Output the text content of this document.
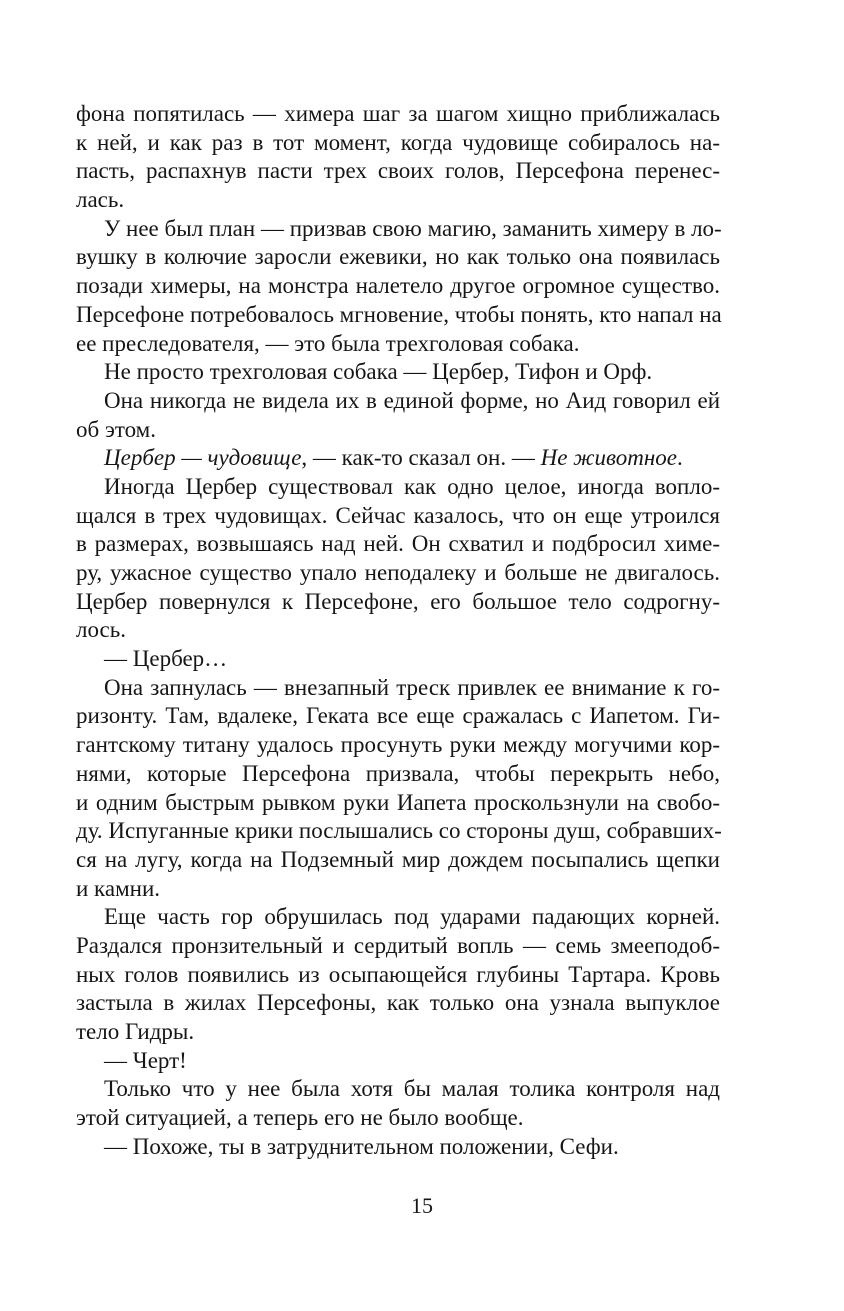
фона попятилась — химера шаг за шагом хищно приближалась
к ней, и как раз в тот момент, когда чудовище собиралось на-
пасть, распахнув пасти трех своих голов, Персефона перенес-
лась.
У нее был план — призвав свою магию, заманить химеру в ло-
вушку в колючие заросли ежевики, но как только она появилась
позади химеры, на монстра налетело другое огромное существо.
Персефоне потребовалось мгновение, чтобы понять, кто напал на
ее преследователя, — это была трехголовая собака.
Не просто трехголовая собака — Цербер, Тифон и Орф.
Она никогда не видела их в единой форме, но Аид говорил ей
об этом.
Цербер — чудовище, — как-то сказал он. — Не животное.
Иногда Цербер существовал как одно целое, иногда вопло-
щался в трех чудовищах. Сейчас казалось, что он еще утроился
в размерах, возвышаясь над ней. Он схватил и подбросил химе-
ру, ужасное существо упало неподалеку и больше не двигалось.
Цербер повернулся к Персефоне, его большое тело содрогну-
лось.
— Цербер…
Она запнулась — внезапный треск привлек ее внимание к го-
ризонту. Там, вдалеке, Геката все еще сражалась с Иапетом. Ги-
гантскому титану удалось просунуть руки между могучими кор-
нями, которые Персефона призвала, чтобы перекрыть небо,
и одним быстрым рывком руки Иапета проскользнули на свобо-
ду. Испуганные крики послышались со стороны душ, собравших-
ся на лугу, когда на Подземный мир дождем посыпались щепки
и камни.
Еще часть гор обрушилась под ударами падающих корней.
Раздался пронзительный и сердитый вопль — семь змееподоб-
ных голов появились из осыпающейся глубины Тартара. Кровь
застыла в жилах Персефоны, как только она узнала выпуклое
тело Гидры.
— Черт!
Только что у нее была хотя бы малая толика контроля над
этой ситуацией, а теперь его не было вообще.
— Похоже, ты в затруднительном положении, Сефи.
15
